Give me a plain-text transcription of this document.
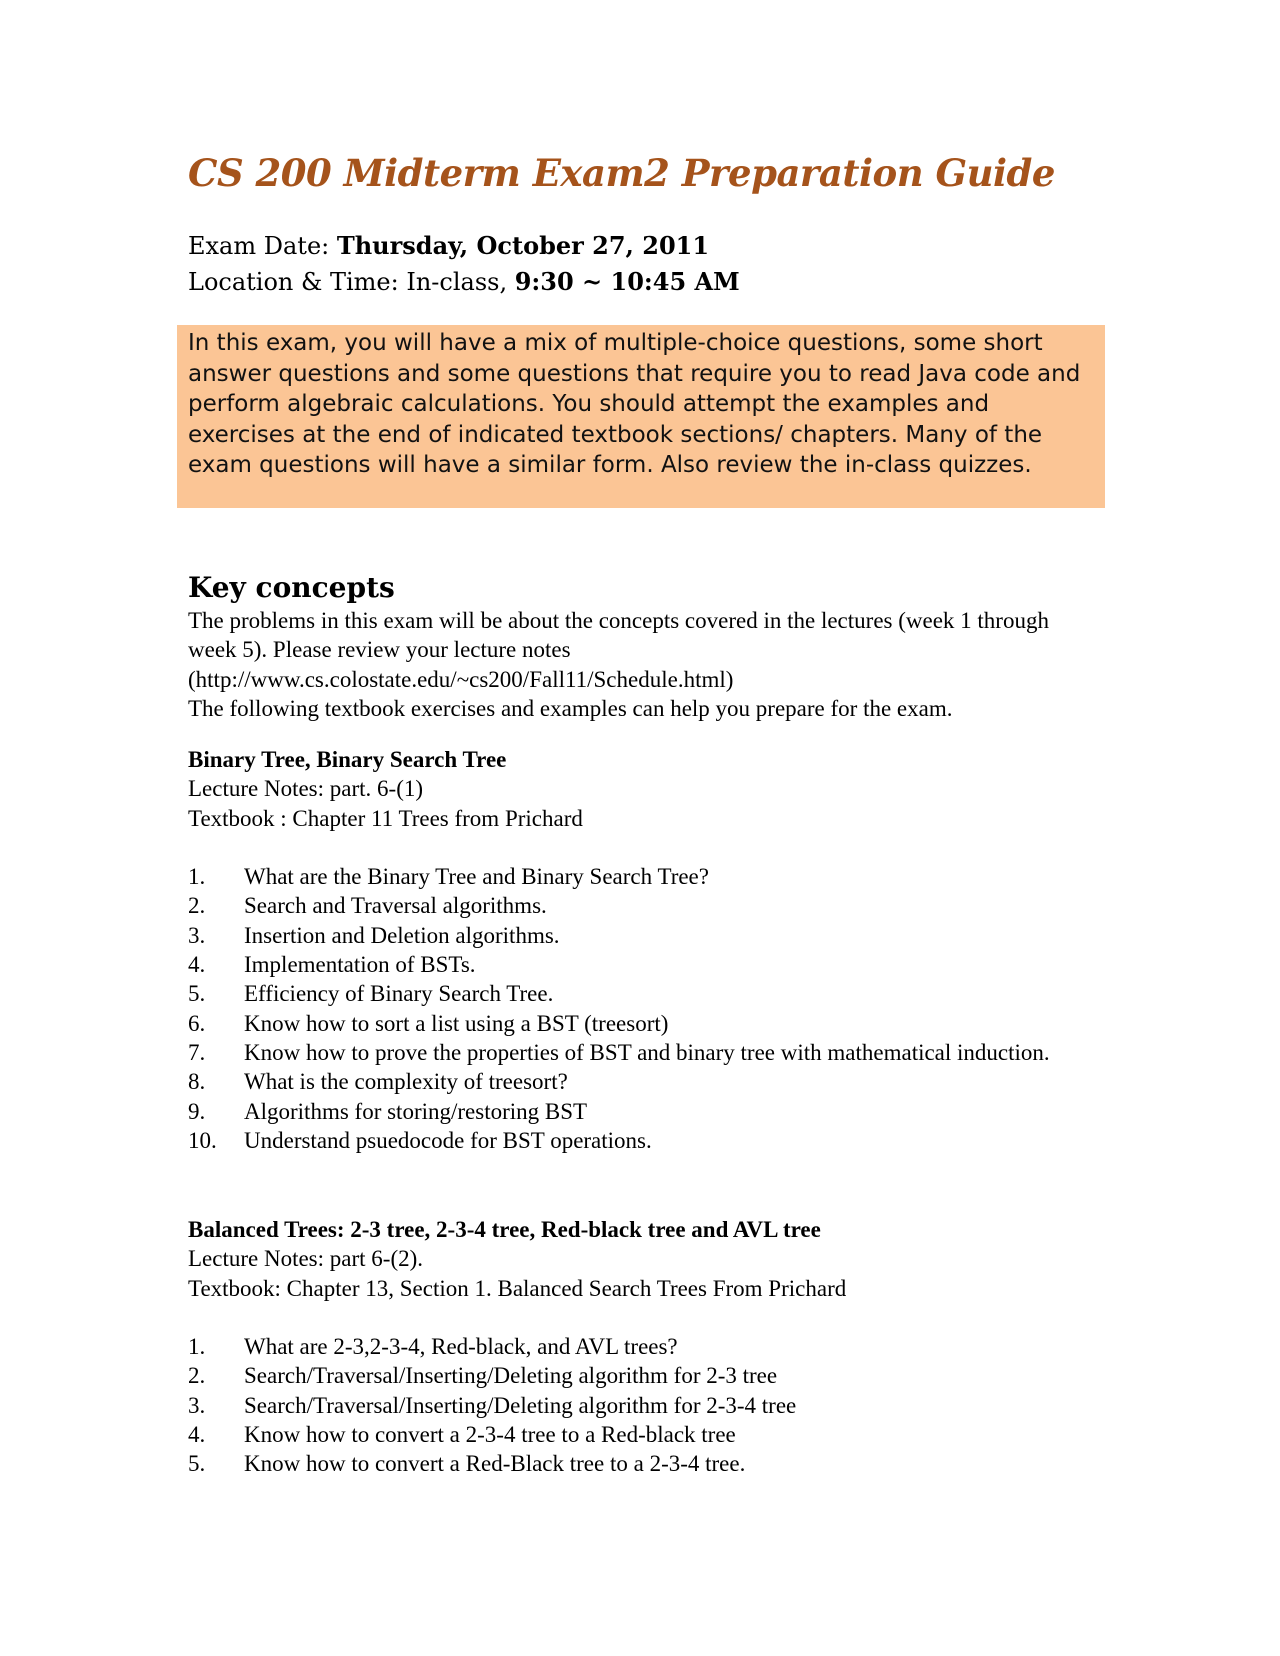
CS 200 Midterm Exam2 Preparation Guide
Exam Date: Thursday, October 27, 2011
Location & Time: In-class, 9:30 ~ 10:45 AM

In this exam, you will have a mix of multiple-choice questions, some short answer questions and some questions that require you to read Java code and perform algebraic calculations. You should attempt the examples and exercises at the end of indicated textbook sections/ chapters. Many of the exam questions will have a similar form. Also review the in-class quizzes.

Key concepts

The problems in this exam will be about the concepts covered in the lectures (week 1 through week 5). Please review your lecture notes (http://www.cs.colostate.edu/~cs200/Fall11/Schedule.html)

The following textbook exercises and examples can help you prepare for the exam.

Binary Tree, Binary Search Tree

Lecture Notes: part. 6-(1)

Textbook : Chapter 11 Trees from Prichard

1. What are the Binary Tree and Binary Search Tree?
2. Search and Traversal algorithms.
3. Insertion and Deletion algorithms.
4. Implementation of BSTs.
5. Efficiency of Binary Search Tree.
6. Know how to sort a list using a BST (treesort)
7. Know how to prove the properties of BST and binary tree with mathematical induction.
8. What is the complexity of treesort?
9. Algorithms for storing/restoring BST
10. Understand psuedocode for BST operations.
Balanced Trees: 2-3 tree, 2-3-4 tree, Red-black tree and AVL tree

Lecture Notes: part 6-(2).

Textbook: Chapter 13, Section 1. Balanced Search Trees From Prichard

1. What are 2-3,2-3-4, Red-black, and AVL trees?
2. Search/Traversal/Inserting/Deleting algorithm for 2-3 tree
3. Search/Traversal/Inserting/Deleting algorithm for 2-3-4 tree
4. Know how to convert a 2-3-4 tree to a Red-black tree
5. Know how to convert a Red-Black tree to a 2-3-4 tree.
